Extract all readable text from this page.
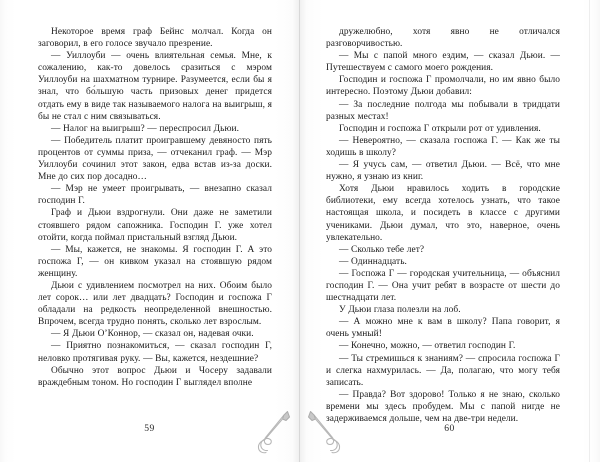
Некоторое время граф Бейнс молчал. Когда он заговорил, в его голосе звучало презрение.

— Уиллоуби — очень влиятельная семья. Мне, к сожалению, как-то довелось сразиться с мэром Уиллоуби на шахматном турнире. Разумеется, если бы я знал, что бо́льшую часть призовых денег придется отдать ему в виде так называемого налога на выигрыш, я бы не стал с ним связываться.

— Налог на выигрыш? — переспросил Дьюи.

— Победитель платит проигравшему девяносто пять процентов от суммы приза, — отчеканил граф. — Мэр Уиллоуби сочинил этот закон, едва встав из-за доски. Мне до сих пор досадно…

— Мэр не умеет проигрывать, — внезапно сказал господин Г.

Граф и Дьюи вздрогнули. Они даже не заметили стоявшего рядом сапожника. Господин Г. уже хотел отойти, когда поймал пристальный взгляд Дьюи.

— Мы, кажется, не знакомы. Я господин Г. А это госпожа Г, — он кивком указал на стоявшую рядом женщину.

Дьюи с удивлением посмотрел на них. Обоим было лет сорок… или лет двадцать? Господин и госпожа Г обладали на редкость неопределенной внешностью. Впрочем, всегда трудно понять, сколько лет взрослым.

— Я Дьюи О’Коннор, — сказал он, надевая очки.

— Приятно познакомиться, — сказал господин Г, неловко протягивая руку. — Вы, кажется, нездешние?

Обычно этот вопрос Дьюи и Чосеру задавали враждебным тоном. Но господин Г выглядел вполне

59

дружелюбно, хотя явно не отличался разговорчивостью.

— Мы с папой много ездим, — сказал Дьюи. — Путешествуем с самого моего рождения.

Господин и госпожа Г промолчали, но им явно было интересно. Поэтому Дьюи добавил:

— За последние полгода мы побывали в тридцати разных местах!

Господин и госпожа Г открыли рот от удивления.

— Невероятно, — сказала госпожа Г. — Как же ты ходишь в школу?

— Я учусь сам, — ответил Дьюи. — Всё, что мне нужно, я узнаю из книг.

Хотя Дьюи нравилось ходить в городские библиотеки, ему всегда хотелось узнать, что такое настоящая школа, и посидеть в классе с другими учениками. Дьюи думал, что это, наверное, очень увлекательно.

— Сколько тебе лет?

— Одиннадцать.

— Госпожа Г — городская учительница, — объяснил господин Г. — Она учит ребят в возрасте от шести до шестнадцати лет.

У Дьюи глаза полезли на лоб.

— А можно мне к вам в школу? Папа говорит, я очень умный!

— Конечно, можно, — ответил господин Г.

— Ты стремишься к знаниям? — спросила госпожа Г и слегка нахмурилась. — Да, полагаю, что могу тебя записать.

— Правда? Вот здорово! Только я не знаю, сколько времени мы здесь пробудем. Мы с папой нигде не задерживаемся дольше, чем на две-три недели.

60
